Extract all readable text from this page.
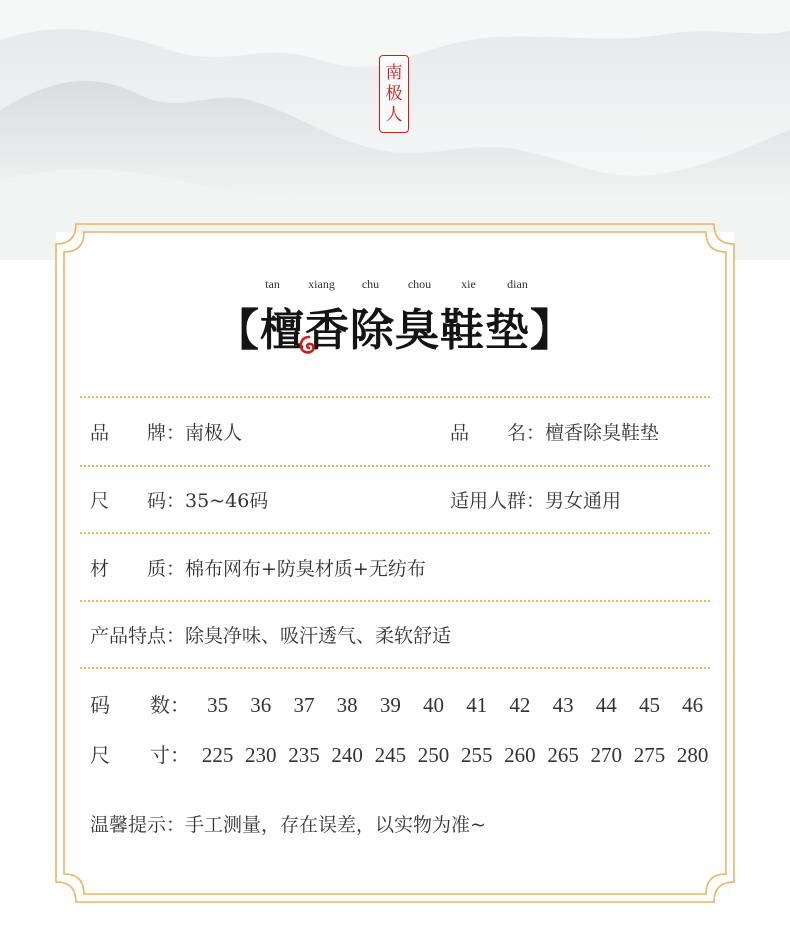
南
极
人
tan	xiang	chu	chou	xie	dian
【檀香除臭鞋垫】
品　　牌：南极人	品　　名：檀香除臭鞋垫
尺　　码：35~46码	适用人群：男女通用
材　　质：棉布网布+防臭材质+无纺布
产品特点：除臭净味、吸汗透气、柔软舒适
码　　数： 35	36	37	38	39	40	41	42	43	44	45	46
尺　　寸： 225 230 235 240 245 250 255 260 265 270 275 280
温馨提示：手工测量，存在误差，以实物为准~
